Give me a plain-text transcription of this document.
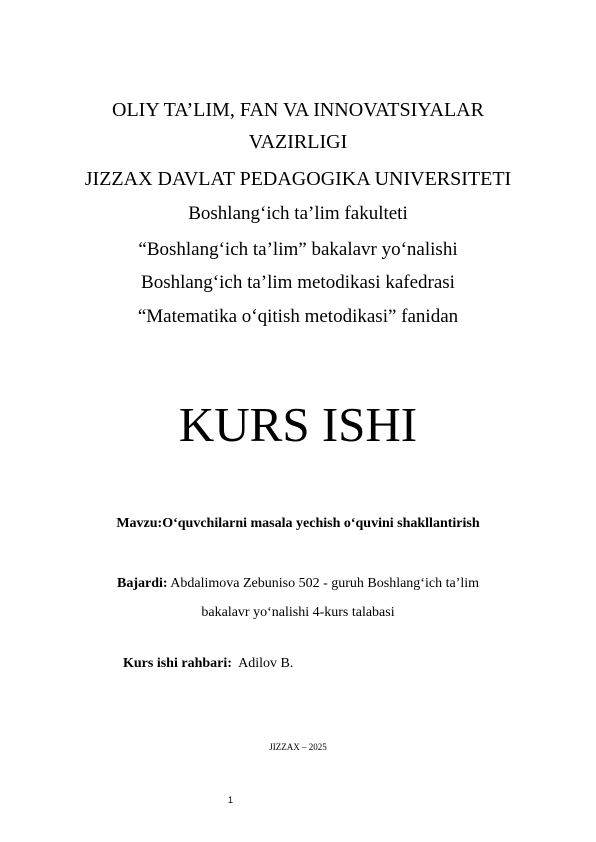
OLIY TA’LIM, FAN VA INNOVATSIYALAR
VAZIRLIGI
JIZZAX DAVLAT PEDAGOGIKA UNIVERSITETI
Boshlang‘ich ta’lim fakulteti
“Boshlang‘ich ta’lim” bakalavr yo‘nalishi
Boshlang‘ich ta’lim metodikasi kafedrasi
“Matematika o‘qitish metodikasi” fanidan
KURS ISHI
Mavzu:O‘quvchilarni masala yechish o‘quvini shakllantirish
Bajardi: Abdalimova Zebuniso 502 - guruh Boshlang‘ich ta’lim
bakalavr yo‘nalishi 4-kurs talabasi
Kurs ishi rahbari:  Adilov B.
JIZZAX – 2025
1
